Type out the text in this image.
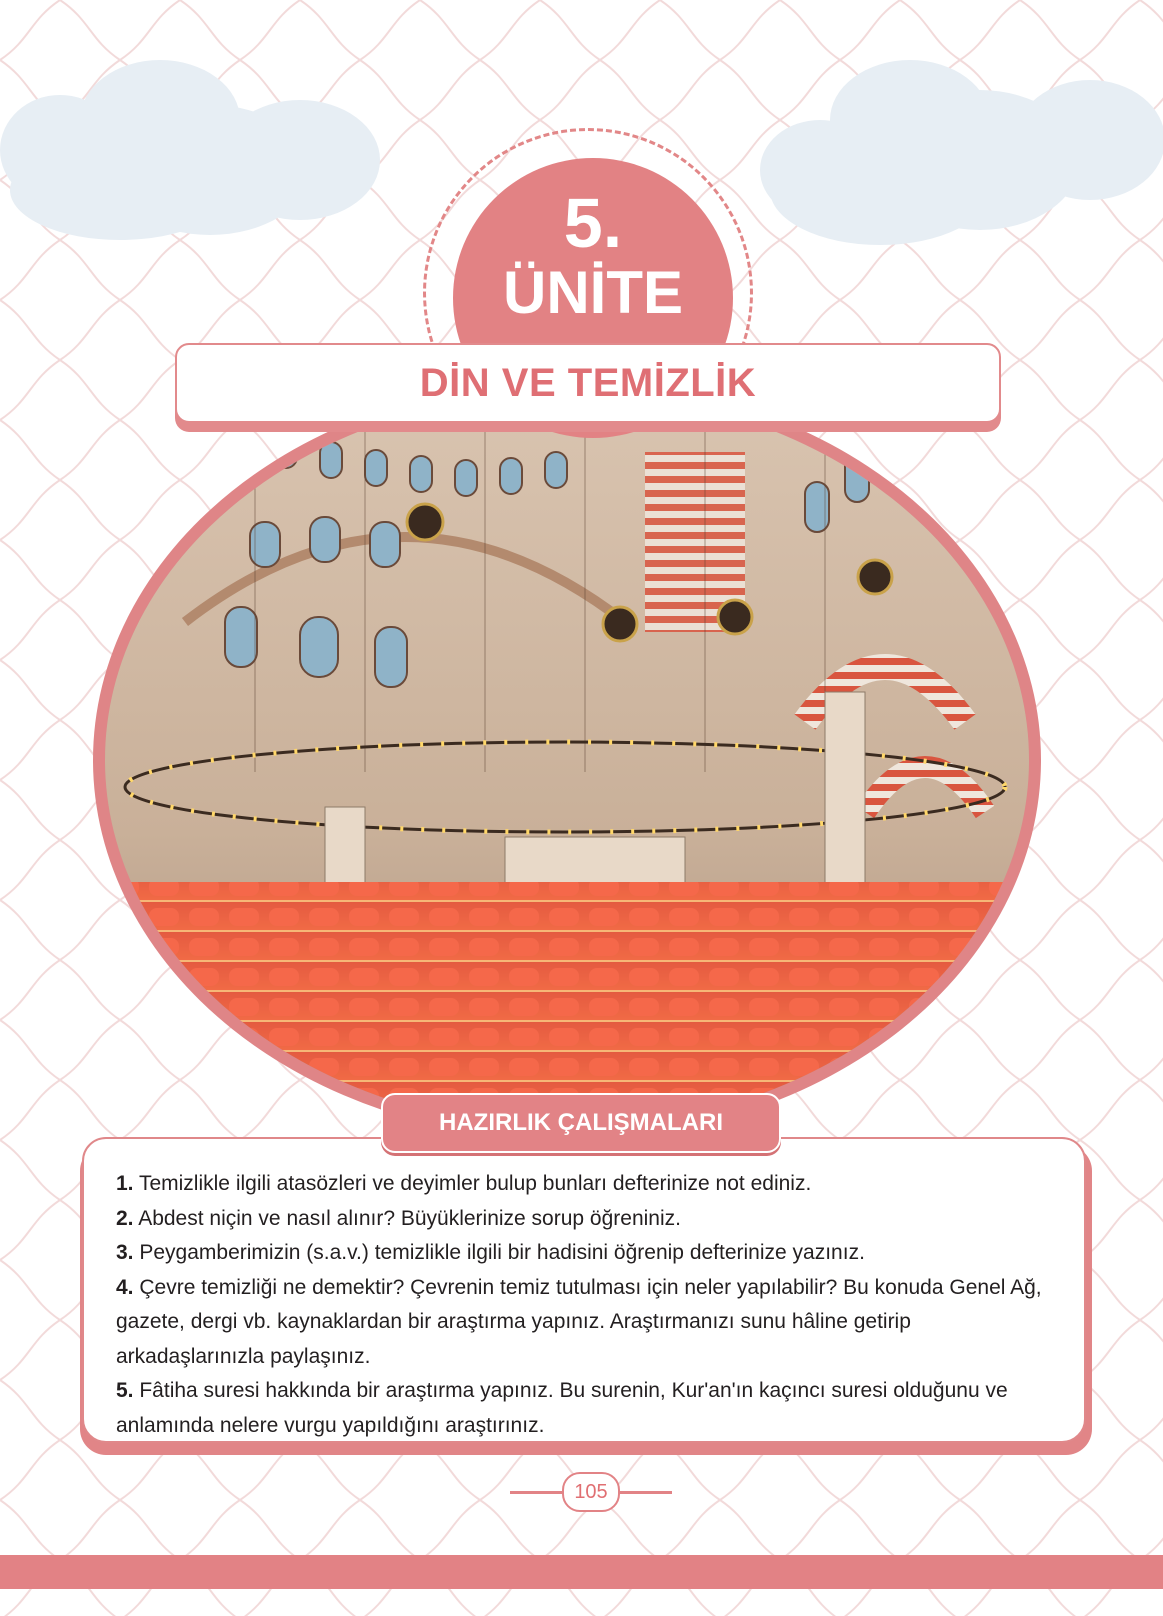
5.
ÜNİTE
DİN VE TEMİZLİK

1. Temizlikle ilgili atasözleri ve deyimler bulup bunları defterinize not ediniz.

2. Abdest niçin ve nasıl alınır? Büyüklerinize sorup öğreniniz.

3. Peygamberimizin (s.a.v.) temizlikle ilgili bir hadisini öğrenip defterinize yazınız.

4. Çevre temizliği ne demektir? Çevrenin temiz tutulması için neler yapılabilir? Bu konuda Genel Ağ, gazete, dergi vb. kaynaklardan bir araştırma yapınız. Araştırmanızı sunu hâline getirip arkadaşlarınızla paylaşınız.

5. Fâtiha suresi hakkında bir araştırma yapınız. Bu surenin, Kur'an'ın kaçıncı suresi olduğunu ve anlamında nelere vurgu yapıldığını araştırınız.

HAZIRLIK ÇALIŞMALARI
105
